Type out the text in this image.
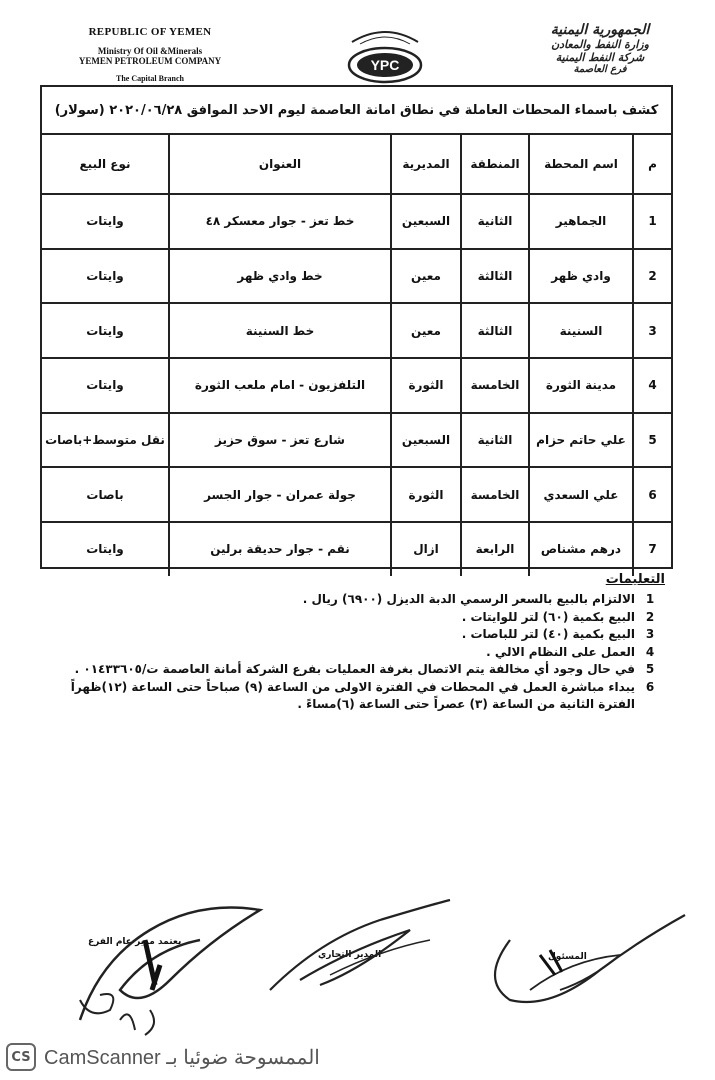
REPUBLIC OF YEMEN
Ministry Of Oil &Minerals
YEMEN PETROLEUM COMPANY
The Capital Branch
YPC
الجمهورية اليمنية
وزارة النفط والمعادن
شركة النفط اليمنية
فرع العاصمة
كشف باسماء المحطات العاملة في نطاق امانة العاصمة ليوم الاحد الموافق ٢٠٢٠/٠٦/٢٨ (سولار)
م	اسم المحطة	المنطقة	المديرية	العنوان	نوع البيع
1	الجماهير	الثانية	السبعين	خط تعز - جوار معسكر ٤٨	وايتات
2	وادي ظهر	الثالثة	معين	خط وادي ظهر	وايتات
3	السنينة	الثالثة	معين	خط السنينة	وايتات
4	مدينة الثورة	الخامسة	الثورة	التلفزيون - امام ملعب الثورة	وايتات
5	علي حاتم حزام	الثانية	السبعين	شارع تعز - سوق حزيز	نقل متوسط+باصات
6	علي السعدي	الخامسة	الثورة	جولة عمران - جوار الجسر	باصات
7	درهم مشناص	الرابعة	ازال	نقم - جوار حديقة برلين	وايتات
التعليمات
1
الالتزام بالبيع بالسعر الرسمي الدبة الديزل (٦٩٠٠) ريال .
2
البيع بكمية (٦٠) لتر للوايتات .
3
البيع بكمية (٤٠) لتر للباصات .
4
العمل على النظام الالي .
5
في حال وجود أي مخالفة يتم الاتصال بغرفة العمليات بفرع الشركة أمانة العاصمة ت/٠١٤٣٣٦٠٥ .
6
يبداء مباشرة العمل في المحطات في الفترة الاولى من الساعة (٩) صباحاً حتى الساعة (١٢)ظهراً
الفترة الثانية من الساعة (٣) عصراً حتى الساعة (٦)مساءً .
يعتمد مدير عام الفرع
المدير التجاري	المسئول
CS الممسوحة ضوئيا بـ CamScanner
